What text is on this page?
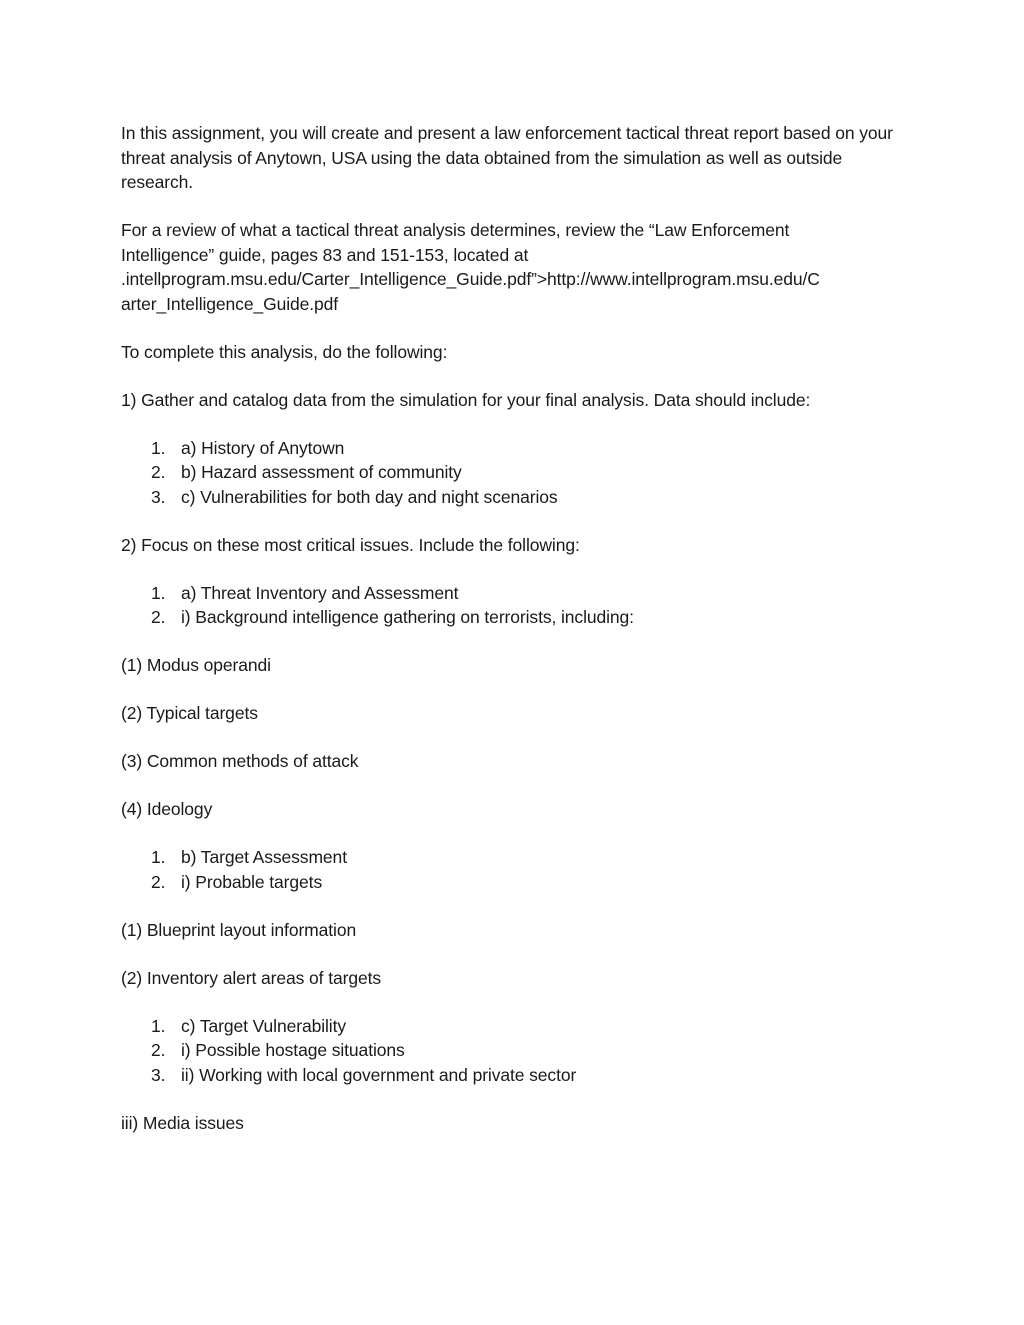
In this assignment, you will create and present a law enforcement tactical threat report based on your threat analysis of Anytown, USA using the data obtained from the simulation as well as outside research.

For a review of what a tactical threat analysis determines, review the “Law Enforcement
Intelligence” guide, pages 83 and 151-153, located at
.intellprogram.msu.edu/Carter_Intelligence_Guide.pdf”>http://www.intellprogram.msu.edu/C
arter_Intelligence_Guide.pdf

To complete this analysis, do the following:

1) Gather and catalog data from the simulation for your final analysis. Data should include:

1. a) History of Anytown
2. b) Hazard assessment of community
3. c) Vulnerabilities for both day and night scenarios

2) Focus on these most critical issues. Include the following:

1. a) Threat Inventory and Assessment
2. i) Background intelligence gathering on terrorists, including:

(1) Modus operandi

(2) Typical targets

(3) Common methods of attack

(4) Ideology

1. b) Target Assessment
2. i) Probable targets

(1) Blueprint layout information

(2) Inventory alert areas of targets

1. c) Target Vulnerability
2. i) Possible hostage situations
3. ii) Working with local government and private sector

iii) Media issues
